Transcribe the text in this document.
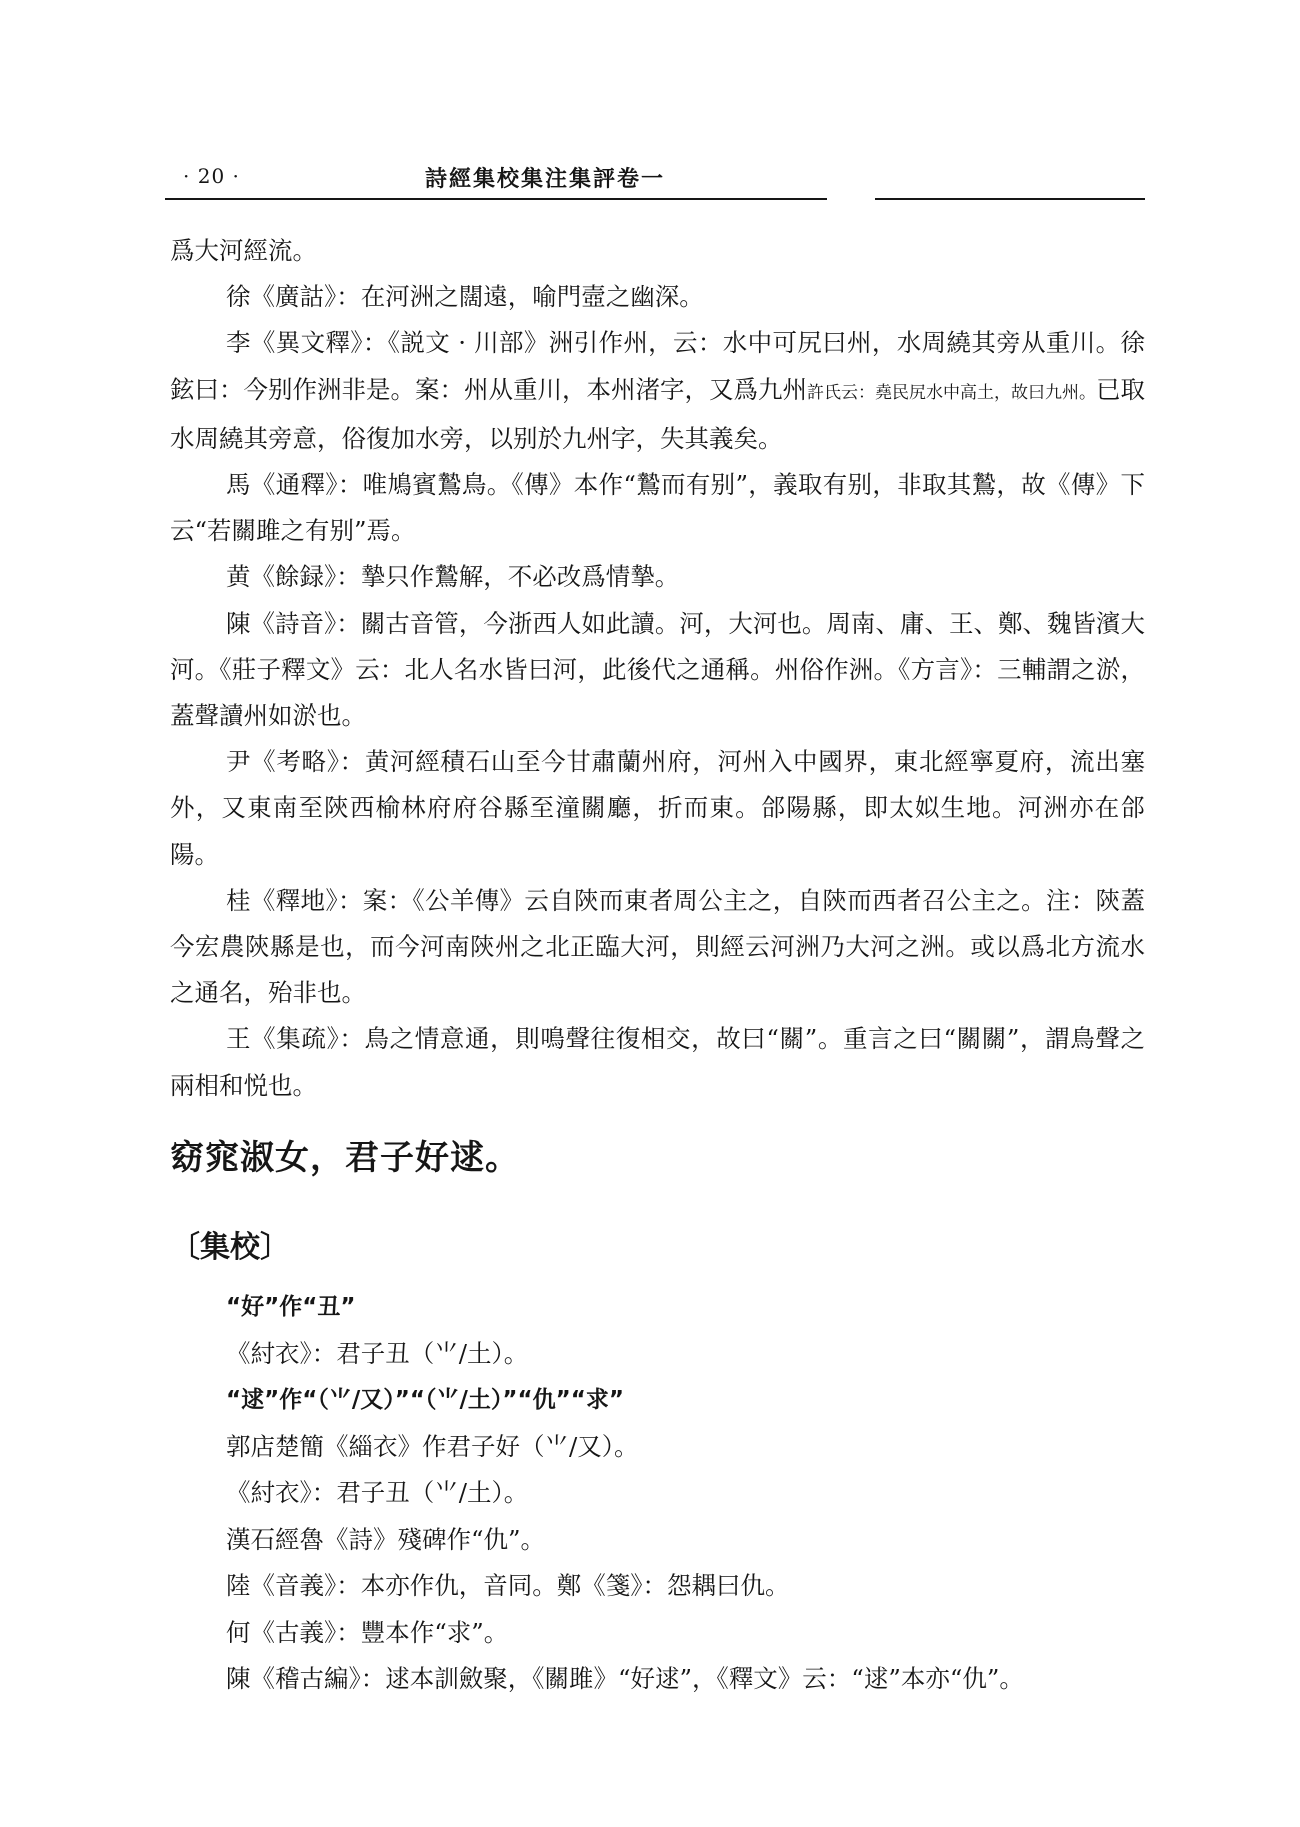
· 20 ·	詩經集校集注集評卷一

爲大河經流。

徐《廣詁》：在河洲之闊遠，喻門壼之幽深。

李《異文釋》：《説文 · 川部》洲引作州，云：水中可尻曰州，水周繞其旁从重川。徐鉉曰：今别作洲非是。案：州从重川，本州渚字，又爲九州許氏云：堯民尻水中高土，故曰九州。已取水周繞其旁意，俗復加水旁，以别於九州字，失其義矣。

馬《通釋》：唯鳩賓鷙鳥。《傳》本作“鷙而有别”，義取有别，非取其鷙，故《傳》下云“若關雎之有别”焉。

黄《餘録》：摯只作鷙解，不必改爲情摯。

陳《詩音》：關古音管，今浙西人如此讀。河，大河也。周南、庸、王、鄭、魏皆濱大河。《莊子釋文》云：北人名水皆曰河，此後代之通稱。州俗作洲。《方言》：三輔謂之淤，蓋聲讀州如淤也。

尹《考略》：黄河經積石山至今甘肅蘭州府，河州入中國界，東北經寧夏府，流出塞外，又東南至陝西榆林府府谷縣至潼關廳，折而東。郃陽縣，即太姒生地。河洲亦在郃陽。

桂《釋地》：案：《公羊傳》云自陝而東者周公主之，自陝而西者召公主之。注：陝蓋今宏農陝縣是也，而今河南陝州之北正臨大河，則經云河洲乃大河之洲。或以爲北方流水之通名，殆非也。

王《集疏》：鳥之情意通，則鳴聲往復相交，故曰“關”。重言之曰“關關”，謂鳥聲之兩相和悦也。

窈窕淑女，君子好逑。
〔集校〕

“好”作“丑”

《紂衣》：君子丑（⺌/土）。

“逑”作“（⺌/又）”“（⺌/土）”“仇”“求”

郭店楚簡《緇衣》作君子好（⺌/又）。

《紂衣》：君子丑（⺌/土）。

漢石經魯《詩》殘碑作“仇”。

陸《音義》：本亦作仇，音同。鄭《箋》：怨耦曰仇。

何《古義》：豐本作“求”。

陳《稽古編》：逑本訓斂聚，《關雎》“好逑”，《釋文》云：“逑”本亦“仇”。
